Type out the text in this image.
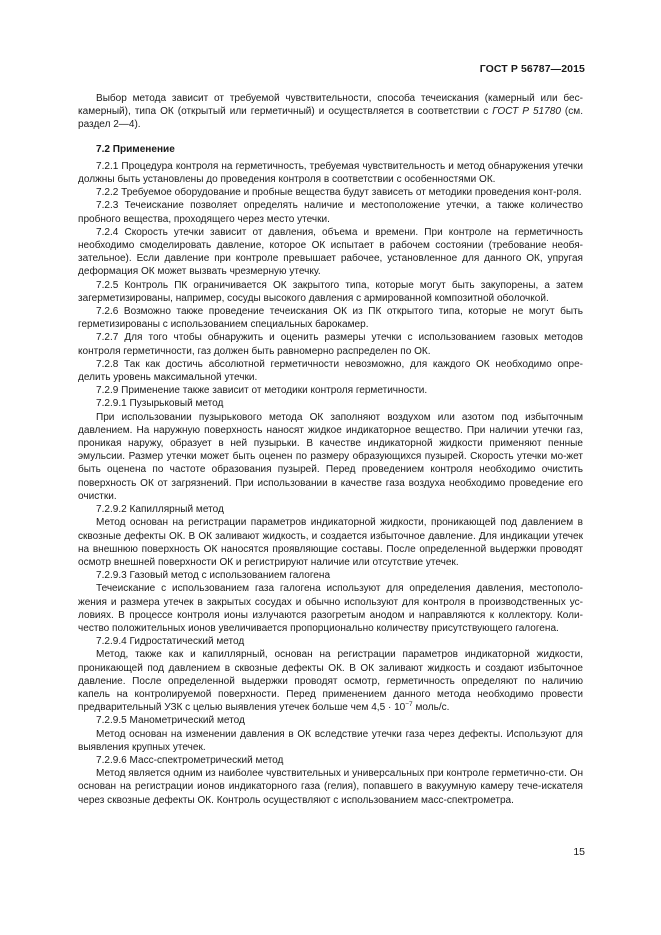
ГОСТ Р 56787—2015

Выбор метода зависит от требуемой чувствительности, способа течеискания (камерный или бес-камерный), типа ОК (открытый или герметичный) и осуществляется в соответствии с ГОСТ Р 51780 (см. раздел 2—4).

7.2 Применение

7.2.1 Процедура контроля на герметичность, требуемая чувствительность и метод обнаружения утечки должны быть установлены до проведения контроля в соответствии с особенностями ОК.

7.2.2 Требуемое оборудование и пробные вещества будут зависеть от методики проведения конт-роля.

7.2.3 Течеискание позволяет определять наличие и местоположение утечки, а также количество пробного вещества, проходящего через место утечки.

7.2.4 Скорость утечки зависит от давления, объема и времени. При контроле на герметичность необходимо смоделировать давление, которое ОК испытает в рабочем состоянии (требование необя-зательное). Если давление при контроле превышает рабочее, установленное для данного ОК, упругая деформация ОК может вызвать чрезмерную утечку.

7.2.5 Контроль ПК ограничивается ОК закрытого типа, которые могут быть закупорены, а затем загерметизированы, например, сосуды высокого давления с армированной композитной оболочкой.

7.2.6 Возможно также проведение течеискания ОК из ПК открытого типа, которые не могут быть герметизированы с использованием специальных барокамер.

7.2.7 Для того чтобы обнаружить и оценить размеры утечки с использованием газовых методов контроля герметичности, газ должен быть равномерно распределен по ОК.

7.2.8 Так как достичь абсолютной герметичности невозможно, для каждого ОК необходимо опре-делить уровень максимальной утечки.

7.2.9 Применение также зависит от методики контроля герметичности.

7.2.9.1 Пузырьковый метод

При использовании пузырькового метода ОК заполняют воздухом или азотом под избыточным давлением. На наружную поверхность наносят жидкое индикаторное вещество. При наличии утечки газ, проникая наружу, образует в ней пузырьки. В качестве индикаторной жидкости применяют пенные эмульсии. Размер утечки может быть оценен по размеру образующихся пузырей. Скорость утечки мо-жет быть оценена по частоте образования пузырей. Перед проведением контроля необходимо очистить поверхность ОК от загрязнений. При использовании в качестве газа воздуха необходимо проведение его очистки.

7.2.9.2 Капиллярный метод

Метод основан на регистрации параметров индикаторной жидкости, проникающей под давлением в сквозные дефекты ОК. В ОК заливают жидкость, и создается избыточное давление. Для индикации утечек на внешнюю поверхность ОК наносятся проявляющие составы. После определенной выдержки проводят осмотр внешней поверхности ОК и регистрируют наличие или отсутствие утечек.

7.2.9.3 Газовый метод с использованием галогена

Течеискание с использованием газа галогена используют для определения давления, местополо-жения и размера утечек в закрытых сосудах и обычно используют для контроля в производственных ус-ловиях. В процессе контроля ионы излучаются разогретым анодом и направляются к коллектору. Коли-чество положительных ионов увеличивается пропорционально количеству присутствующего галогена.

7.2.9.4 Гидростатический метод

Метод, также как и капиллярный, основан на регистрации параметров индикаторной жидкости, проникающей под давлением в сквозные дефекты ОК. В ОК заливают жидкость и создают избыточное давление. После определенной выдержки проводят осмотр, герметичность определяют по наличию капель на контролируемой поверхности. Перед применением данного метода необходимо провести предварительный УЗК с целью выявления утечек больше чем $4,5 \cdot 10^{-7}$ моль/с.

7.2.9.5 Манометрический метод

Метод основан на изменении давления в ОК вследствие утечки газа через дефекты. Используют для выявления крупных утечек.

7.2.9.6 Масс-спектрометрический метод

Метод является одним из наиболее чувствительных и универсальных при контроле герметично-сти. Он основан на регистрации ионов индикаторного газа (гелия), попавшего в вакуумную камеру тече-искателя через сквозные дефекты ОК. Контроль осуществляют с использованием масс-спектрометра.

15
